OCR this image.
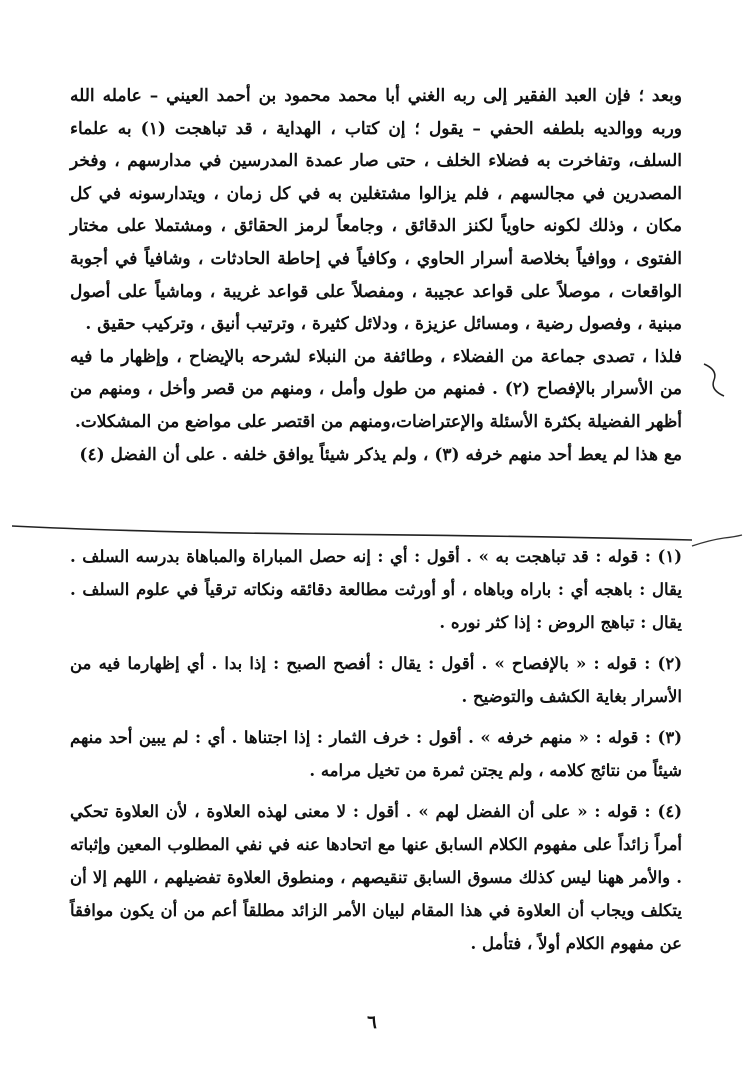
وبعد ؛ فإن العبد الفقير إلى ربه الغني أبا محمد محمود بن أحمد العيني – عامله الله وربه ووالديه بلطفه الحفي – يقول ؛ إن كتاب ، الهداية ، قد تباهجت (١) به علماء السلف، وتفاخرت به فضلاء الخلف ، حتى صار عمدة المدرسين في مدارسهم ، وفخر المصدرين في مجالسهم ، فلم يزالوا مشتغلين به في كل زمان ، ويتدارسونه في كل مكان ، وذلك لكونه حاوياً لكنز الدقائق ، وجامعاً لرمز الحقائق ، ومشتملا على مختار الفتوى ، ووافياً بخلاصة أسرار الحاوي ، وكافياً في إحاطة الحادثات ، وشافياً في أجوبة الواقعات ، موصلاً على قواعد عجيبة ، ومفصلاً على قواعد غريبة ، وماشياً على أصول مبنية ، وفصول رضية ، ومسائل عزيزة ، ودلائل كثيرة ، وترتيب أنيق ، وتركيب حقيق .

فلذا ، تصدى جماعة من الفضلاء ، وطائفة من النبلاء لشرحه بالإيضاح ، وإظهار ما فيه من الأسرار بالإفصاح (٢) . فمنهم من طول وأمل ، ومنهم من قصر وأخل ، ومنهم من أظهر الفضيلة بكثرة الأسئلة والإعتراضات،ومنهم من اقتصر على مواضع من المشكلات.

مع هذا لم يعط أحد منهم خرفه (٣) ، ولم يذكر شيئاً يوافق خلفه . على أن الفضل (٤)

(١) : قوله : قد تباهجت به » . أقول : أي : إنه حصل المباراة والمباهاة بدرسه السلف . يقال : باهجه أي : باراه وباهاه ، أو أورثت مطالعة دقائقه ونكاته ترقياً في علوم السلف . يقال : تباهج الروض : إذا كثر نوره .

(٢) : قوله : « بالإفصاح » . أقول : يقال : أفصح الصبح : إذا بدا . أي إظهارما فيه من الأسرار بغاية الكشف والتوضيح .

(٣) : قوله : « منهم خرفه » . أقول : خرف الثمار : إذا اجتناها . أي : لم يبين أحد منهم شيئاً من نتائج كلامه ، ولم يجتن ثمرة من تخيل مرامه .

(٤) : قوله : « على أن الفضل لهم » . أقول : لا معنى لهذه العلاوة ، لأن العلاوة تحكي أمراً زائداً على مفهوم الكلام السابق عنها مع اتحادها عنه في نفي المطلوب المعين وإثباته . والأمر ههنا ليس كذلك مسوق السابق تنقيصهم ، ومنطوق العلاوة تفضيلهم ، اللهم إلا أن يتكلف ويجاب أن العلاوة في هذا المقام لبيان الأمر الزائد مطلقاً أعم من أن يكون موافقاً عن مفهوم الكلام أولاً ، فتأمل .

٦
